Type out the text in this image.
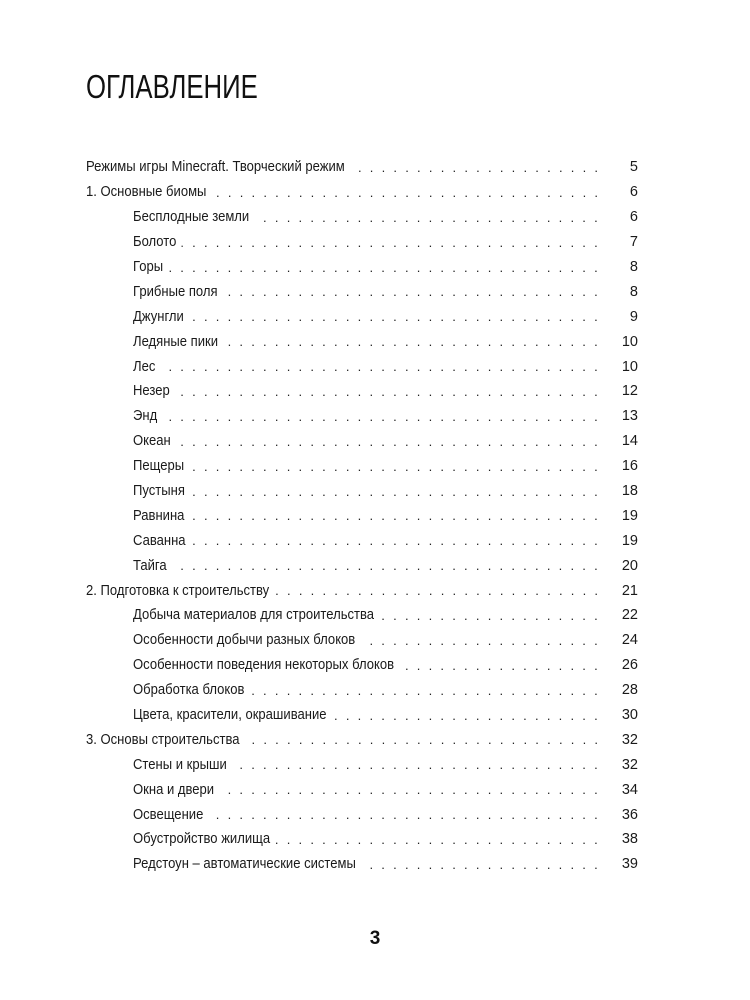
ОГЛАВЛЕНИЕ
. . .
Режимы игры Minecraft. Творческий режим	5
. . .
1. Основные биомы	6
. . .
Бесплодные земли	6
. . .
Болото	7
. . .
Горы	8
. . .
Грибные поля	8
. . .
Джунгли	9
. . .
Ледяные пики	10
. . .
Лес	10
. . .
Незер	12
. . .
Энд	13
. . .
Океан	14
. . .
Пещеры	16
. . .
Пустыня	18
. . .
Равнина	19
. . .
Саванна	19
. . .
Тайга	20
. . .
2. Подготовка к строительству	21
. . .
Добыча материалов для строительства	22
. . .
Особенности добычи разных блоков	24
. . .
Особенности поведения некоторых блоков	26
. . .
Обработка блоков	28
. . .
Цвета, красители, окрашивание	30
. . .
3. Основы строительства	32
. . .
Стены и крыши	32
. . .
Окна и двери	34
. . .
Освещение	36
. . .
Обустройство жилища	38
. . .
Редстоун – автоматические системы	39
3
